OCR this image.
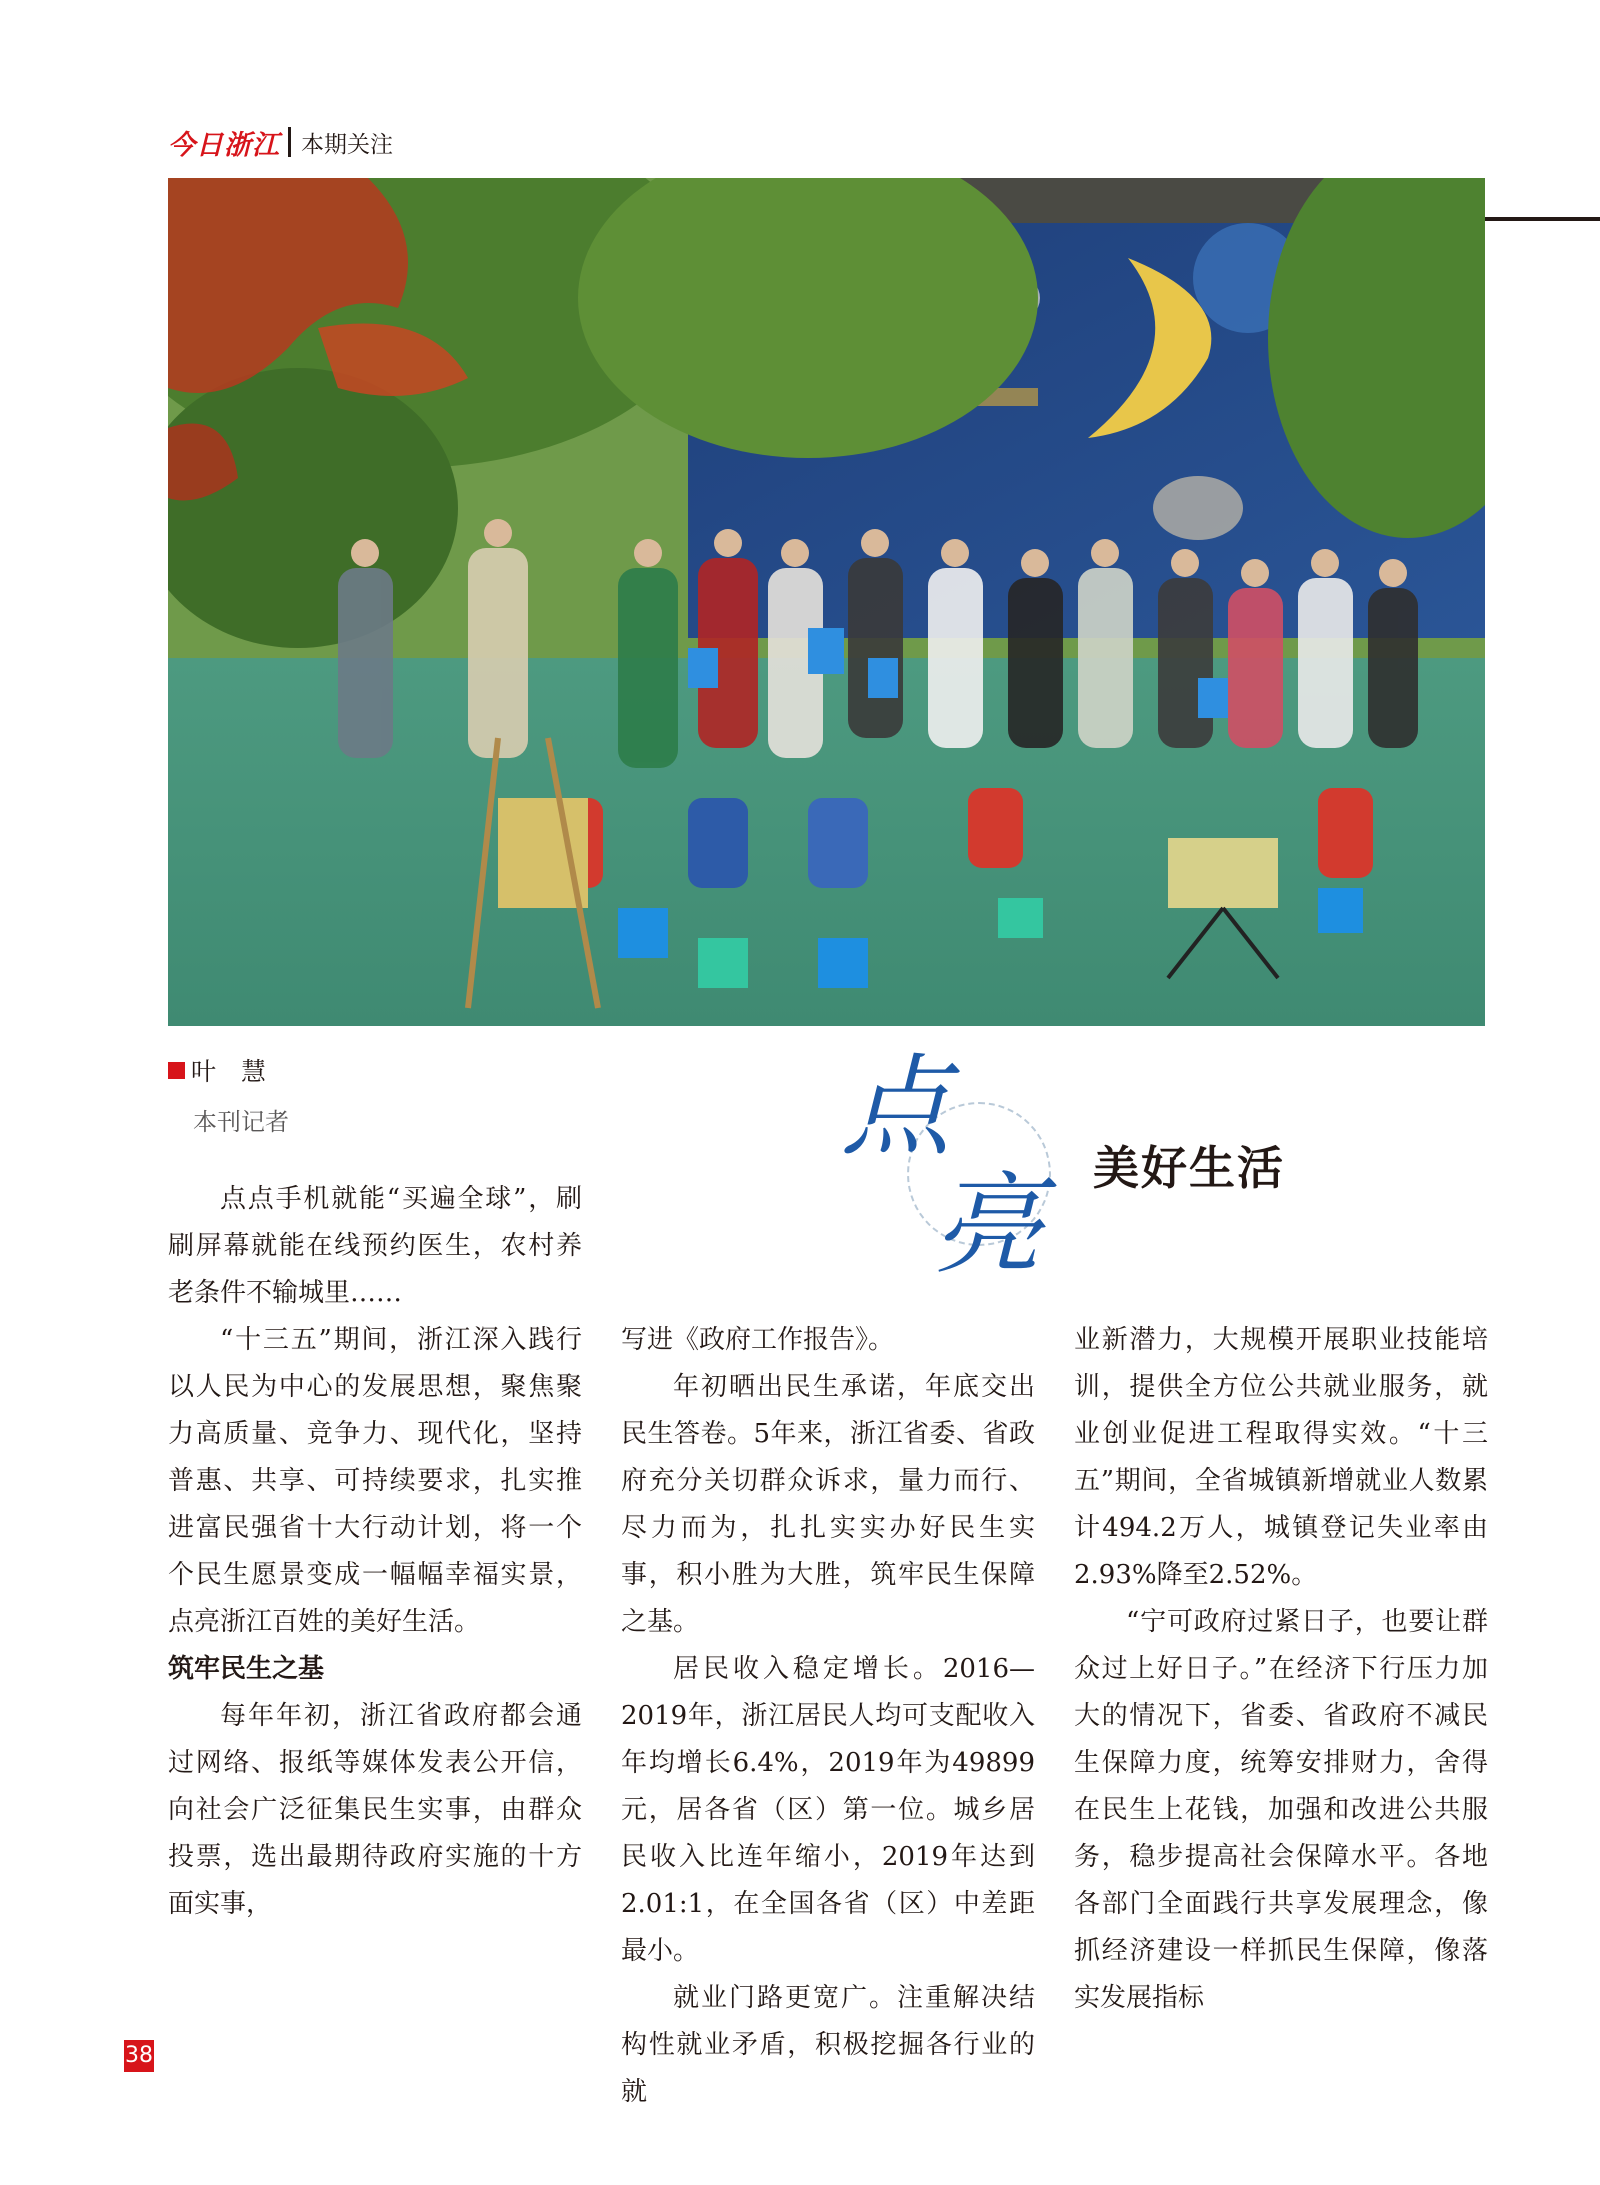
今日浙江 本期关注
叶　慧
本刊记者	点
亮 美好生活

点点手机就能“买遍全球”，刷刷屏幕就能在线预约医生，农村养老条件不输城里……

“十三五”期间，浙江深入践行以人民为中心的发展思想，聚焦聚力高质量、竞争力、现代化，坚持普惠、共享、可持续要求，扎实推进富民强省十大行动计划，将一个个民生愿景变成一幅幅幸福实景，点亮浙江百姓的美好生活。

筑牢民生之基

每年年初，浙江省政府都会通过网络、报纸等媒体发表公开信，向社会广泛征集民生实事，由群众投票，选出最期待政府实施的十方面实事，

写进《政府工作报告》。

年初晒出民生承诺，年底交出民生答卷。5年来，浙江省委、省政府充分关切群众诉求，量力而行、尽力而为，扎扎实实办好民生实事，积小胜为大胜，筑牢民生保障之基。

居民收入稳定增长。2016—2019年，浙江居民人均可支配收入年均增长6.4%，2019年为49899元，居各省（区）第一位。城乡居民收入比连年缩小，2019年达到2.01:1，在全国各省（区）中差距最小。

就业门路更宽广。注重解决结构性就业矛盾，积极挖掘各行业的就

业新潜力，大规模开展职业技能培训，提供全方位公共就业服务，就业创业促进工程取得实效。“十三五”期间，全省城镇新增就业人数累计494.2万人，城镇登记失业率由2.93%降至2.52%。

“宁可政府过紧日子，也要让群众过上好日子。”在经济下行压力加大的情况下，省委、省政府不减民生保障力度，统筹安排财力，舍得在民生上花钱，加强和改进公共服务，稳步提高社会保障水平。各地各部门全面践行共享发展理念，像抓经济建设一样抓民生保障，像落实发展指标

38
